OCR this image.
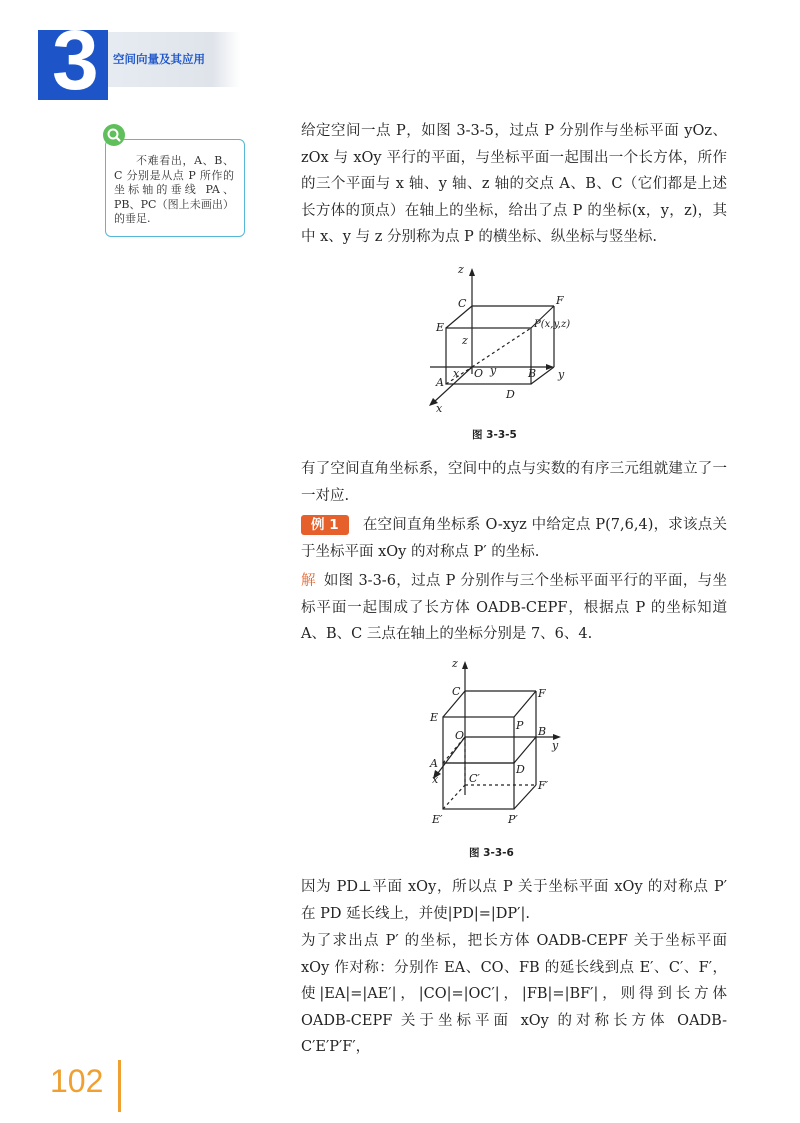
3 空间向量及其应用
不难看出，A、B、C 分别是从点 P 所作的坐标轴的垂线 PA、PB、PC（图上未画出）的垂足.
给定空间一点 P，如图 3-3-5，过点 P 分别作与坐标平面 yOz、zOx 与 xOy 平行的平面，与坐标平面一起围出一个长方体，所作的三个平面与 x 轴、y 轴、z 轴的交点 A、B、C（它们都是上述长方体的顶点）在轴上的坐标，给出了点 P 的坐标(x，y，z)，其中 x、y 与 z 分别称为点 P 的横坐标、纵坐标与竖坐标.
z
y
x
C	F
E	P(x,y,z)
z
O
x	y
A
B
D
图 3-3-5
有了空间直角坐标系，空间中的点与实数的有序三元组就建立了一一对应.
例 1 在空间直角坐标系 O-xyz 中给定点 P(7,6,4)，求该点关于坐标平面 xOy 的对称点 P′ 的坐标.
解 如图 3-3-6，过点 P 分别作与三个坐标平面平行的平面，与坐标平面一起围成了长方体 OADB-CEPF，根据点 P 的坐标知道 A、B、C 三点在轴上的坐标分别是 7、6、4.
z
y
x
C	F
E
P
O	B
A	D
C′
F′
E′	P′
图 3-3-6
因为 PD⊥平面 xOy，所以点 P 关于坐标平面 xOy 的对称点 P′ 在 PD 延长线上，并使|PD|=|DP′|.
为了求出点 P′ 的坐标，把长方体 OADB-CEPF 关于坐标平面 xOy 作对称：分别作 EA、CO、FB 的延长线到点 E′、C′、F′，使|EA|=|AE′|，|CO|=|OC′|，|FB|=|BF′|，则得到长方体 OADB-CEPF 关于坐标平面 xOy 的对称长方体 OADB-C′E′P′F′，
102
